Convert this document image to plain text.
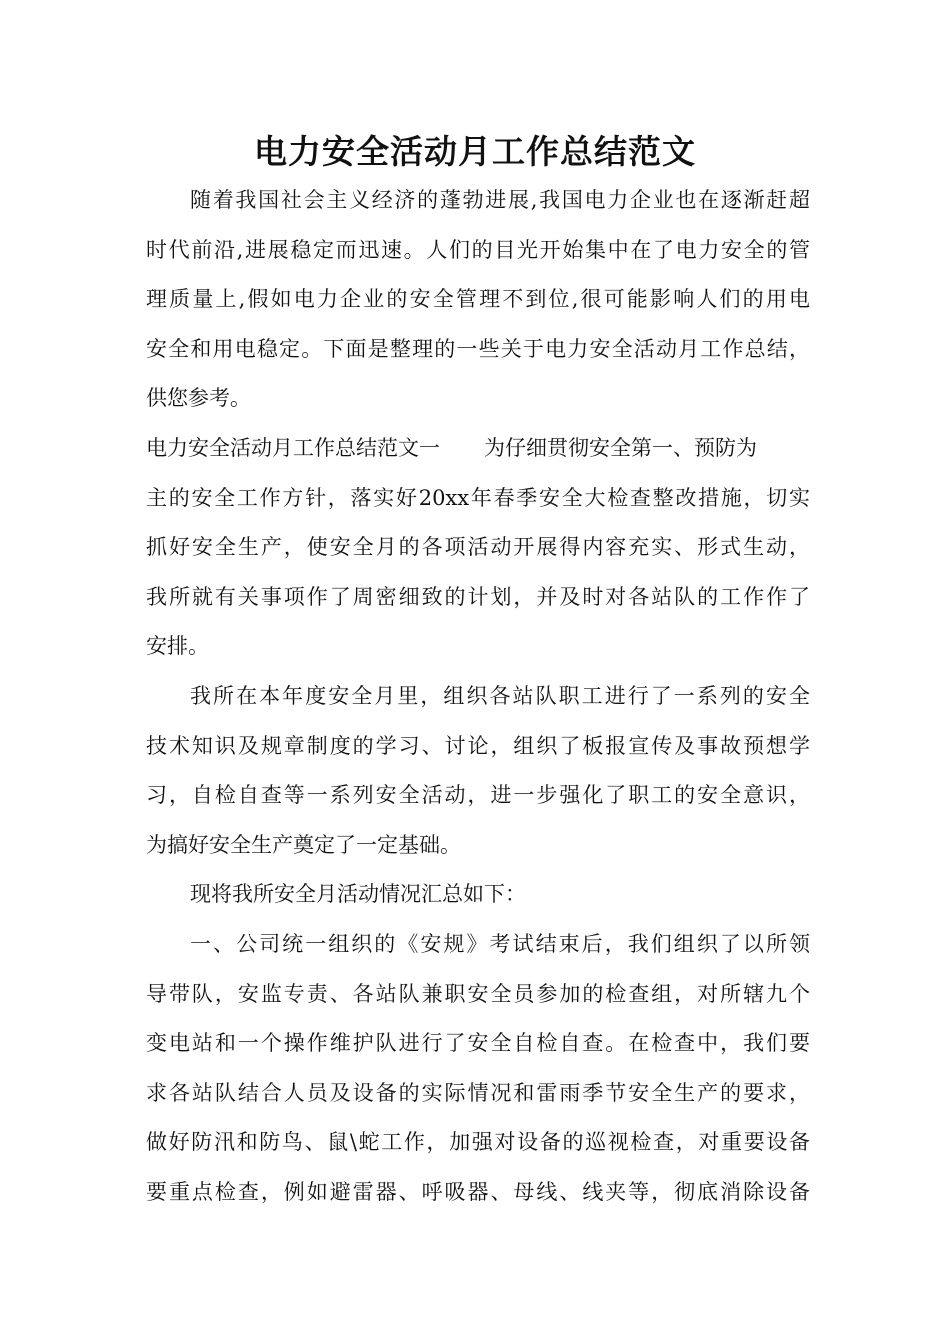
电力安全活动月工作总结范文
随着我国社会主义经济的蓬勃进展,我国电力企业也在逐渐赶超
时代前沿,进展稳定而迅速。人们的目光开始集中在了电力安全的管
理质量上,假如电力企业的安全管理不到位,很可能影响人们的用电
安全和用电稳定。下面是整理的一些关于电力安全活动月工作总结，
供您参考。
电力安全活动月工作总结范文一 为仔细贯彻安全第一、预防为
主的安全工作方针，落实好20xx年春季安全大检查整改措施，切实
抓好安全生产，使安全月的各项活动开展得内容充实、形式生动，
我所就有关事项作了周密细致的计划，并及时对各站队的工作作了
安排。
我所在本年度安全月里，组织各站队职工进行了一系列的安全
技术知识及规章制度的学习、讨论，组织了板报宣传及事故预想学
习，自检自查等一系列安全活动，进一步强化了职工的安全意识，
为搞好安全生产奠定了一定基础。
现将我所安全月活动情况汇总如下：
一、公司统一组织的《安规》考试结束后，我们组织了以所领
导带队，安监专责、各站队兼职安全员参加的检查组，对所辖九个
变电站和一个操作维护队进行了安全自检自查。在检查中，我们要
求各站队结合人员及设备的实际情况和雷雨季节安全生产的要求，
做好防汛和防鸟、鼠\蛇工作，加强对设备的巡视检查，对重要设备
要重点检查，例如避雷器、呼吸器、母线、线夹等，彻底消除设备
